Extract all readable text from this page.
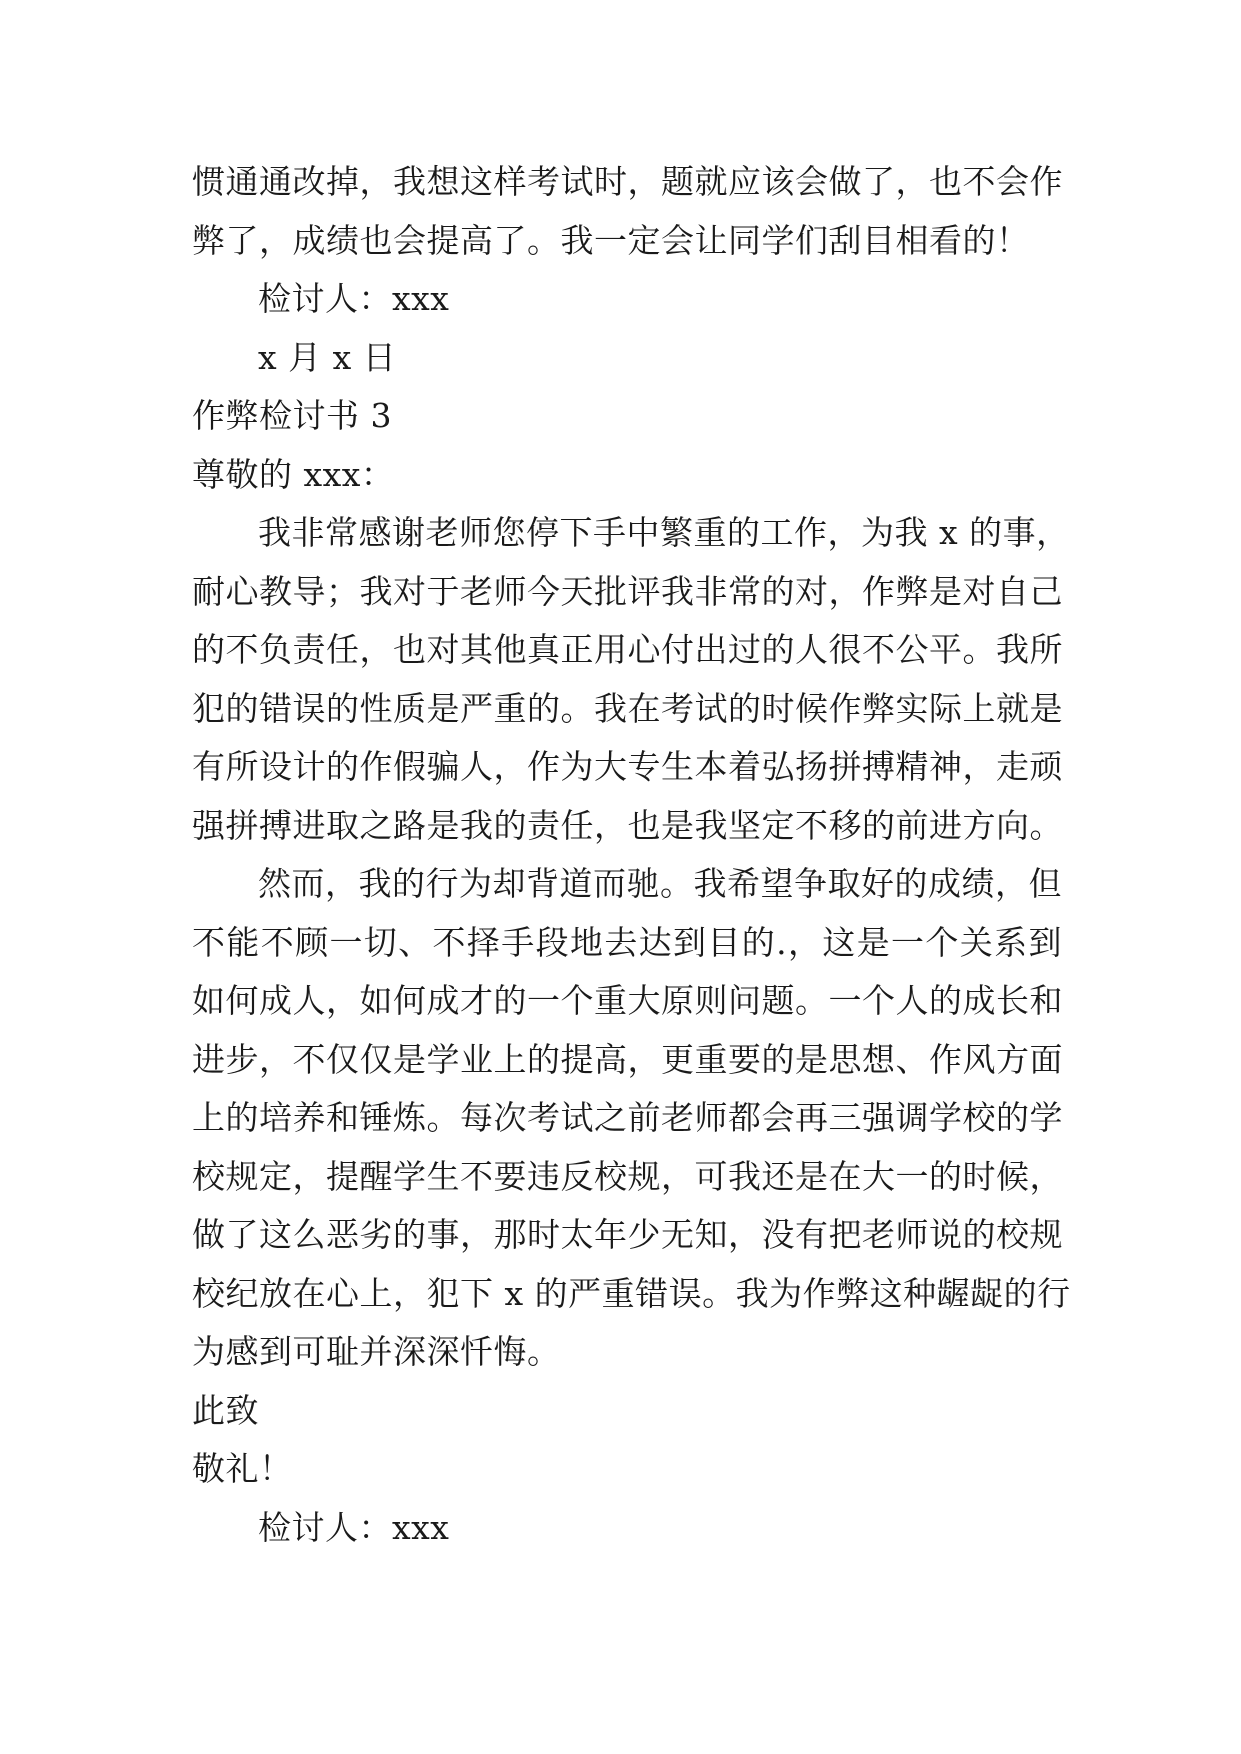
惯通通改掉，我想这样考试时，题就应该会做了，也不会作
弊了，成绩也会提高了。我一定会让同学们刮目相看的！
检讨人：xxx
x 月 x 日
作弊检讨书 3
尊敬的 xxx：
我非常感谢老师您停下手中繁重的工作，为我 x 的事，
耐心教导；我对于老师今天批评我非常的对，作弊是对自己
的不负责任，也对其他真正用心付出过的人很不公平。我所
犯的错误的性质是严重的。我在考试的时候作弊实际上就是
有所设计的作假骗人，作为大专生本着弘扬拼搏精神，走顽
强拼搏进取之路是我的责任，也是我坚定不移的前进方向。
然而，我的行为却背道而驰。我希望争取好的成绩，但
不能不顾一切、不择手段地去达到目的.，这是一个关系到
如何成人，如何成才的一个重大原则问题。一个人的成长和
进步，不仅仅是学业上的提高，更重要的是思想、作风方面
上的培养和锤炼。每次考试之前老师都会再三强调学校的学
校规定，提醒学生不要违反校规，可我还是在大一的时候，
做了这么恶劣的事，那时太年少无知，没有把老师说的校规
校纪放在心上，犯下 x 的严重错误。我为作弊这种龌龊的行
为感到可耻并深深忏悔。
此致
敬礼！
检讨人：xxx
